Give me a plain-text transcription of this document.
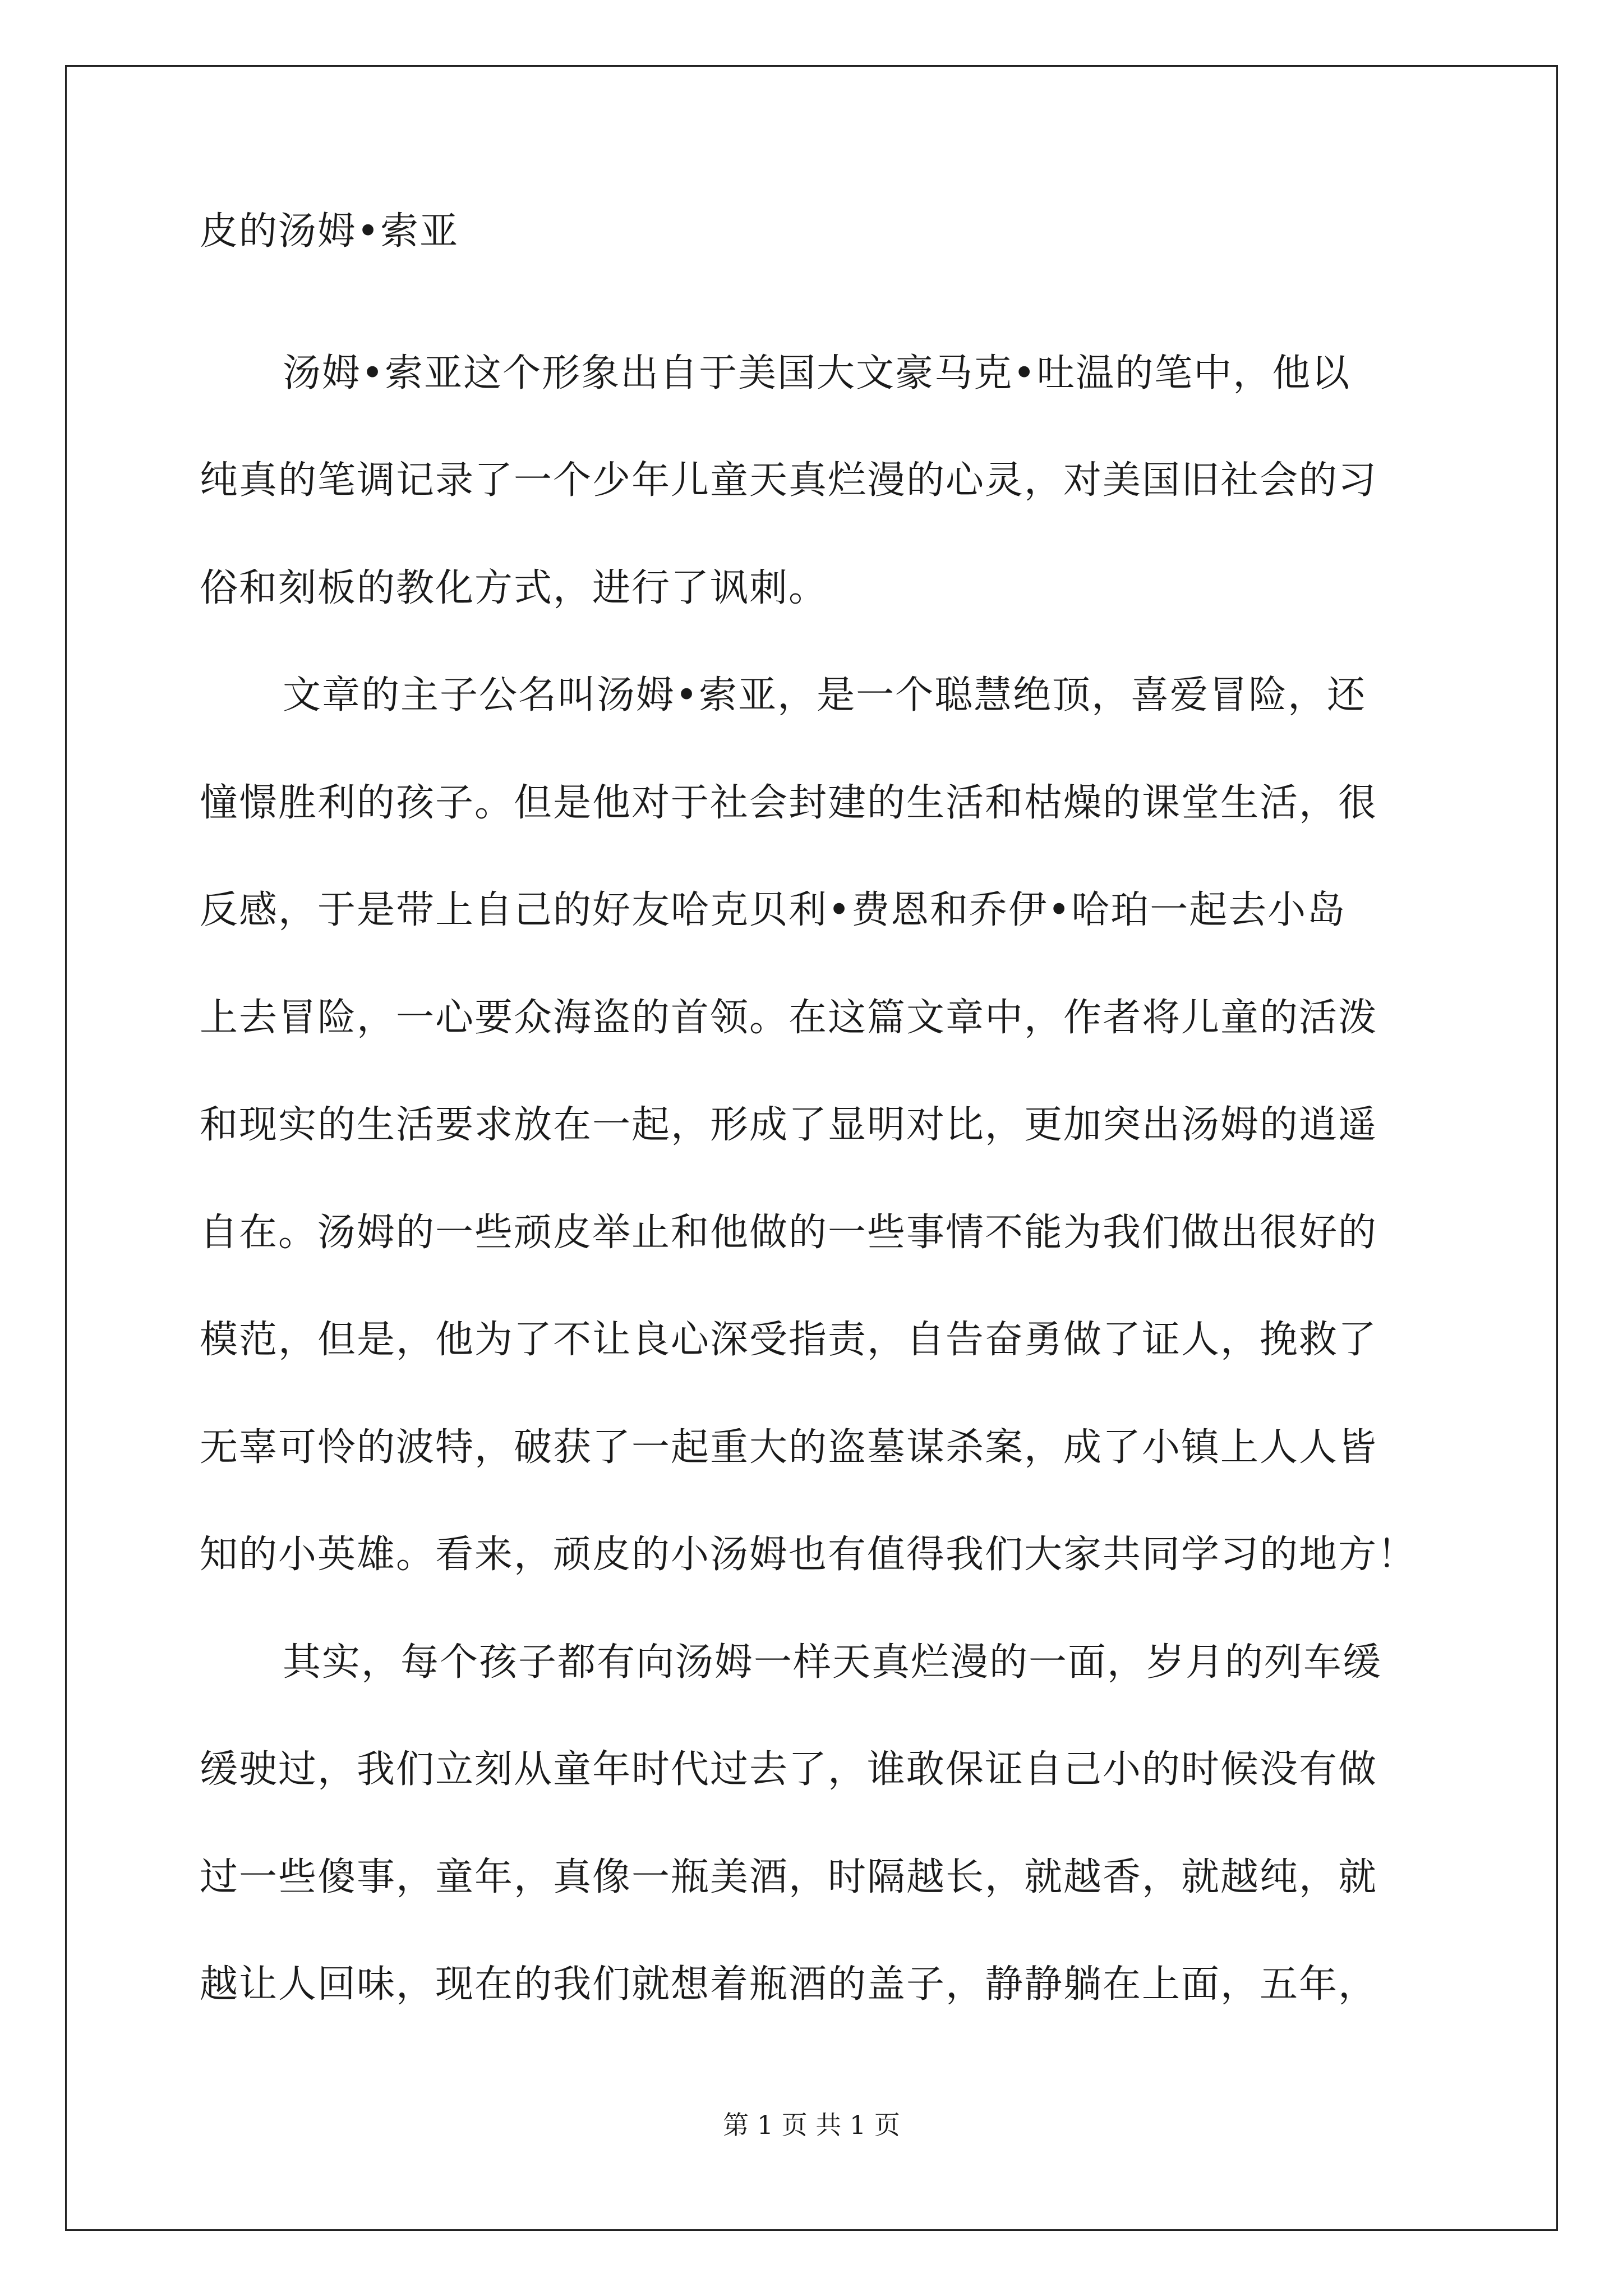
皮的汤姆•索亚
汤姆•索亚这个形象出自于美国大文豪马克•吐温的笔中，他以
纯真的笔调记录了一个少年儿童天真烂漫的心灵，对美国旧社会的习
俗和刻板的教化方式，进行了讽刺。
文章的主子公名叫汤姆•索亚，是一个聪慧绝顶，喜爱冒险，还
憧憬胜利的孩子。但是他对于社会封建的生活和枯燥的课堂生活，很
反感，于是带上自己的好友哈克贝利•费恩和乔伊•哈珀一起去小岛
上去冒险，一心要众海盗的首领。在这篇文章中，作者将儿童的活泼
和现实的生活要求放在一起，形成了显明对比，更加突出汤姆的逍遥
自在。汤姆的一些顽皮举止和他做的一些事情不能为我们做出很好的
模范，但是，他为了不让良心深受指责，自告奋勇做了证人，挽救了
无辜可怜的波特，破获了一起重大的盗墓谋杀案，成了小镇上人人皆
知的小英雄。看来，顽皮的小汤姆也有值得我们大家共同学习的地方！
其实，每个孩子都有向汤姆一样天真烂漫的一面，岁月的列车缓
缓驶过，我们立刻从童年时代过去了，谁敢保证自己小的时候没有做
过一些傻事，童年，真像一瓶美酒，时隔越长，就越香，就越纯，就
越让人回味，现在的我们就想着瓶酒的盖子，静静躺在上面，五年，
第 1 页 共 1 页
